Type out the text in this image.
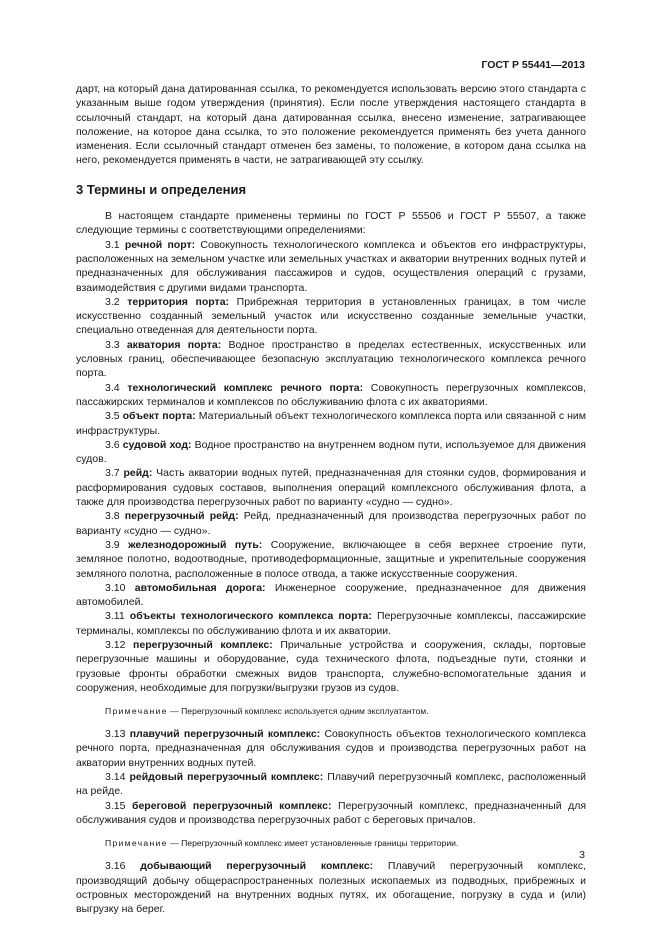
ГОСТ Р 55441—2013

дарт, на который дана датированная ссылка, то рекомендуется использовать версию этого стандарта с указанным выше годом утверждения (принятия). Если после утверждения настоящего стандарта в ссылочный стандарт, на который дана датированная ссылка, внесено изменение, затрагивающее положение, на которое дана ссылка, то это положение рекомендуется применять без учета данного изменения. Если ссылочный стандарт отменен без замены, то положение, в котором дана ссылка на него, рекомендуется применять в части, не затрагивающей эту ссылку.

3 Термины и определения

В настоящем стандарте применены термины по ГОСТ Р 55506 и ГОСТ Р 55507, а также следующие термины с соответствующими определениями:

3.1 речной порт: Совокупность технологического комплекса и объектов его инфраструктуры, расположенных на земельном участке или земельных участках и акватории внутренних водных путей и предназначенных для обслуживания пассажиров и судов, осуществления операций с грузами, взаимодействия с другими видами транспорта.

3.2 территория порта: Прибрежная территория в установленных границах, в том числе искусственно созданный земельный участок или искусственно созданные земельные участки, специально отведенная для деятельности порта.

3.3 акватория порта: Водное пространство в пределах естественных, искусственных или условных границ, обеспечивающее безопасную эксплуатацию технологического комплекса речного порта.

3.4 технологический комплекс речного порта: Совокупность перегрузочных комплексов, пассажирских терминалов и комплексов по обслуживанию флота с их акваториями.

3.5 объект порта: Материальный объект технологического комплекса порта или связанной с ним инфраструктуры.

3.6 судовой ход: Водное пространство на внутреннем водном пути, используемое для движения судов.

3.7 рейд: Часть акватории водных путей, предназначенная для стоянки судов, формирования и расформирования судовых составов, выполнения операций комплексного обслуживания флота, а также для производства перегрузочных работ по варианту «судно — судно».

3.8 перегрузочный рейд: Рейд, предназначенный для производства перегрузочных работ по варианту «судно — судно».

3.9 железнодорожный путь: Сооружение, включающее в себя верхнее строение пути, земляное полотно, водоотводные, противодеформационные, защитные и укрепительные сооружения земляного полотна, расположенные в полосе отвода, а также искусственные сооружения.

3.10 автомобильная дорога: Инженерное сооружение, предназначенное для движения автомобилей.

3.11 объекты технологического комплекса порта: Перегрузочные комплексы, пассажирские терминалы, комплексы по обслуживанию флота и их акватории.

3.12 перегрузочный комплекс: Причальные устройства и сооружения, склады, портовые перегрузочные машины и оборудование, суда технического флота, подъездные пути, стоянки и грузовые фронты обработки смежных видов транспорта, служебно-вспомогательные здания и сооружения, необходимые для погрузки/выгрузки грузов из судов.

Примечание — Перегрузочный комплекс используется одним эксплуатантом.

3.13 плавучий перегрузочный комплекс: Совокупность объектов технологического комплекса речного порта, предназначенная для обслуживания судов и производства перегрузочных работ на акватории внутренних водных путей.

3.14 рейдовый перегрузочный комплекс: Плавучий перегрузочный комплекс, расположенный на рейде.

3.15 береговой перегрузочный комплекс: Перегрузочный комплекс, предназначенный для обслуживания судов и производства перегрузочных работ с береговых причалов.

Примечание — Перегрузочный комплекс имеет установленные границы территории.

3.16 добывающий перегрузочный комплекс: Плавучий перегрузочный комплекс, производящий добычу общераспространенных полезных ископаемых из подводных, прибрежных и островных месторождений на внутренних водных путях, их обогащение, погрузку в суда и (или) выгрузку на берег.

3
